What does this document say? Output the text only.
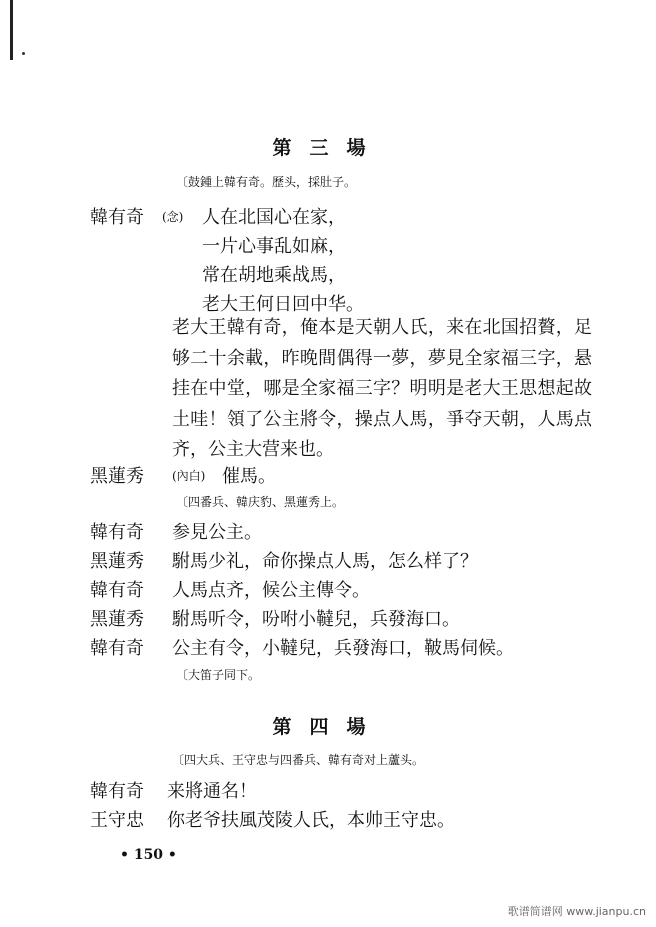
第三場
〔鼓鍾上韓有奇。歷头，採肚子。
韓有奇 (念) 人在北国心在家，
一片心事乱如麻，
常在胡地乘战馬，
老大王何日回中华。
老大王韓有奇，俺本是天朝人氏，来在北国招贅，足够二十余載，昨晚間偶得一夢，夢見全家福三字，悬挂在中堂，哪是全家福三字？明明是老大王思想起故土哇！領了公主將令，操点人馬，爭夺天朝，人馬点齐，公主大营来也。
黑蓮秀 (內白) 催馬。
〔四番兵、韓庆豹、黑蓮秀上。
韓有奇 参見公主。
黑蓮秀 駙馬少礼，命你操点人馬，怎么样了？
韓有奇 人馬点齐，候公主傳令。
黑蓮秀 駙馬听令，吩咐小韃兒，兵發海口。
韓有奇 公主有令，小韃兒，兵發海口，鞁馬伺候。
〔大笛子同下。
第四場
〔四大兵、王守忠与四番兵、韓有奇对上蘆头。
韓有奇 来將通名！
王守忠 你老爷扶風茂陵人氏，本帅王守忠。
• 150 •
歌谱简谱网 www.jianpu.cn
